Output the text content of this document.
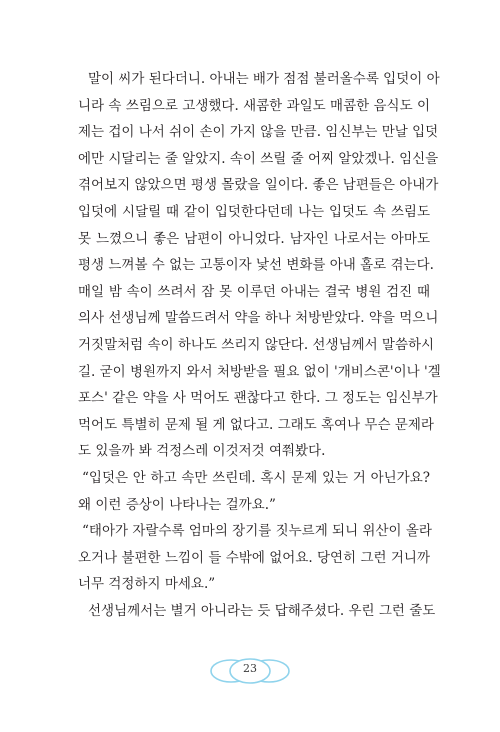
말이 씨가 된다더니. 아내는 배가 점점 불러올수록 입덧이 아
니라 속 쓰림으로 고생했다. 새콤한 과일도 매콤한 음식도 이
제는 겁이 나서 쉬이 손이 가지 않을 만큼. 임신부는 만날 입덧
에만 시달리는 줄 알았지. 속이 쓰릴 줄 어찌 알았겠나. 임신을
겪어보지 않았으면 평생 몰랐을 일이다. 좋은 남편들은 아내가
입덧에 시달릴 때 같이 입덧한다던데 나는 입덧도 속 쓰림도
못 느꼈으니 좋은 남편이 아니었다. 남자인 나로서는 아마도
평생 느껴볼 수 없는 고통이자 낯선 변화를 아내 홀로 겪는다.
매일 밤 속이 쓰려서 잠 못 이루던 아내는 결국 병원 검진 때
의사 선생님께 말씀드려서 약을 하나 처방받았다. 약을 먹으니
거짓말처럼 속이 하나도 쓰리지 않단다. 선생님께서 말씀하시
길. 굳이 병원까지 와서 처방받을 필요 없이 '개비스콘'이나 '겔
포스' 같은 약을 사 먹어도 괜찮다고 한다. 그 정도는 임신부가
먹어도 특별히 문제 될 게 없다고. 그래도 혹여나 무슨 문제라
도 있을까 봐 걱정스레 이것저것 여쭤봤다.
“입덧은 안 하고 속만 쓰린데. 혹시 문제 있는 거 아닌가요?
왜 이런 증상이 나타나는 걸까요.”
“태아가 자랄수록 엄마의 장기를 짓누르게 되니 위산이 올라
오거나 불편한 느낌이 들 수밖에 없어요. 당연히 그런 거니까
너무 걱정하지 마세요.”
선생님께서는 별거 아니라는 듯 답해주셨다. 우린 그런 줄도
23
